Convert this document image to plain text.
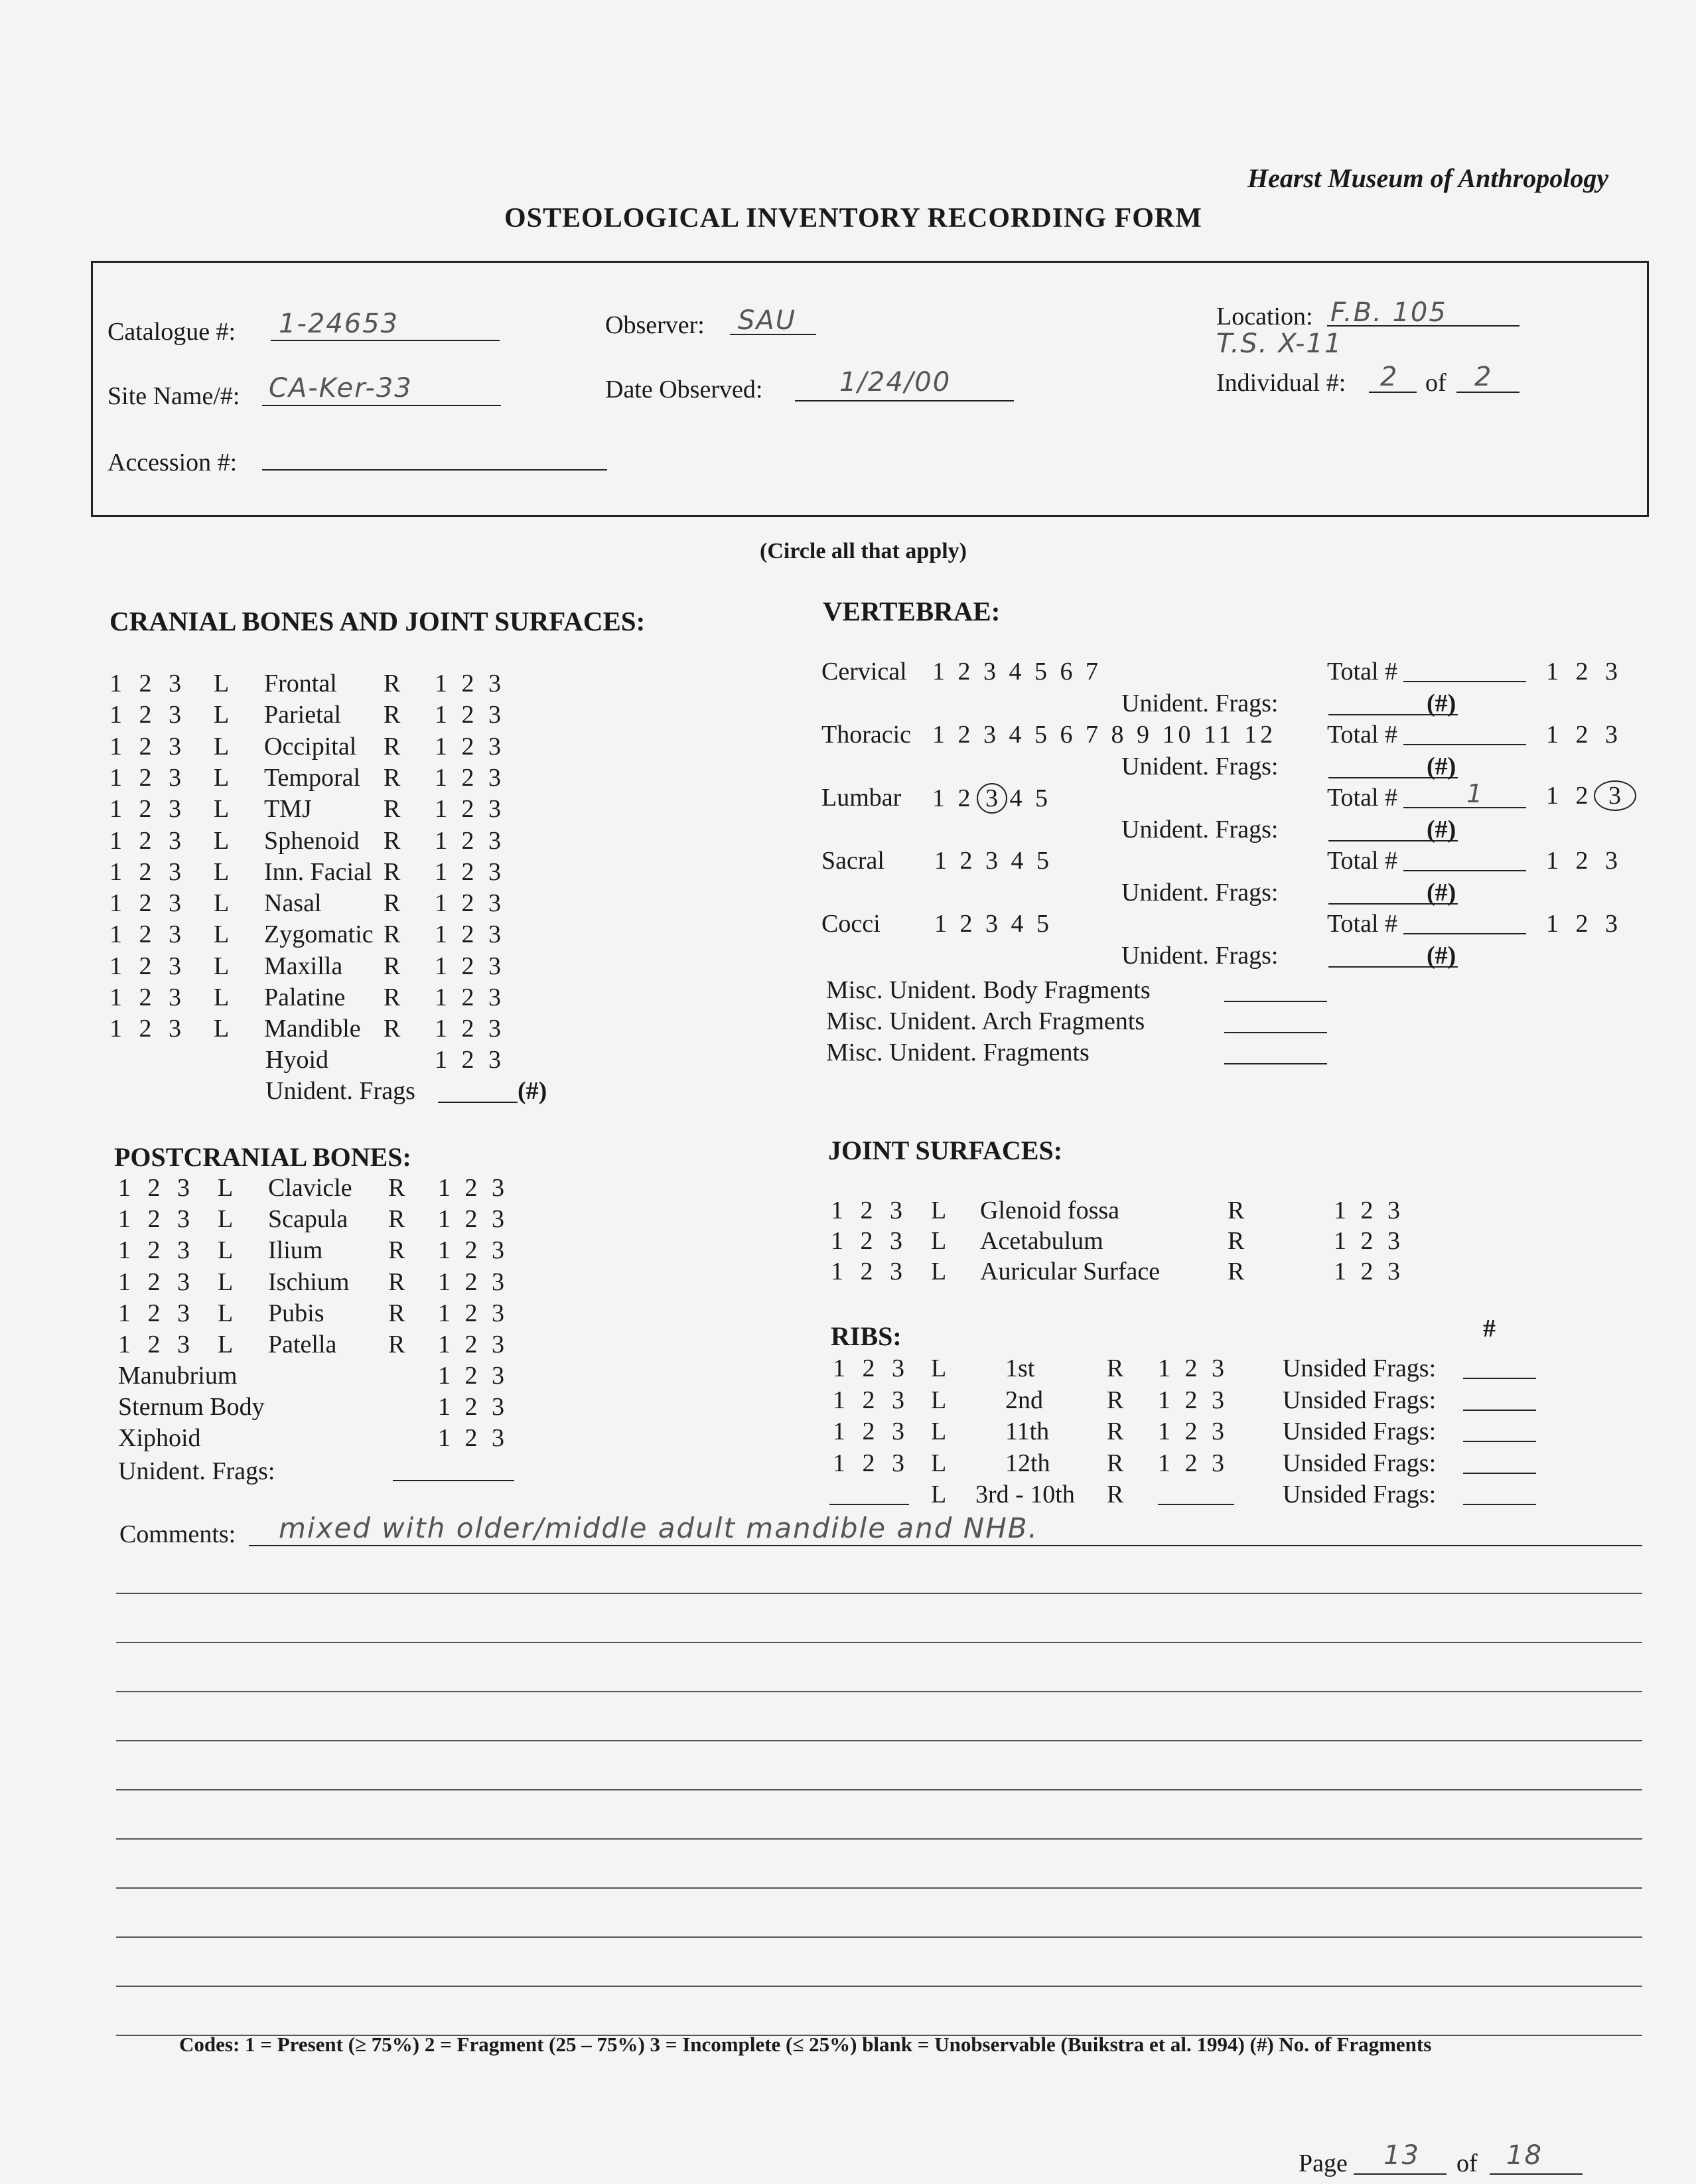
Hearst Museum of Anthropology
OSTEOLOGICAL INVENTORY RECORDING FORM
Catalogue #: 1-24653
Site Name/#: CA-Ker-33
Accession #:
Observer: SAU
Date Observed:	1/24/00
Location: F.B. 105
T.S. X-11
Individual #: 2 of 2
(Circle all that apply)
CRANIAL BONES AND JOINT SURFACES:
1 2 3 L Frontal R 1 2 3
1 2 3 L Parietal R 1 2 3
1 2 3 L Occipital R 1 2 3
1 2 3 L Temporal R 1 2 3
1 2 3 L TMJ	R 1 2 3
1 2 3 L Sphenoid R 1 2 3
1 2 3 L Inn. Facial R 1 2 3
1 2 3 L Nasal R 1 2 3
1 2 3 L Zygomatic R 1 2 3
1 2 3 L Maxilla R 1 2 3
1 2 3 L Palatine R 1 2 3
1 2 3 L Mandible R 1 2 3
Hyoid	1 2 3
Unident. Frags	(#)
VERTEBRAE:
Cervical 1 2 3 4 5 6 7	Total #	1 2 3
Unident. Frags:	(#)
Thoracic 1 2 3 4 5 6 7 8 9 10 11 12 Total #	1 2 3
Unident. Frags:	(#)
Lumbar 1 2 3 4 5	Total #	1 1 2 3
Unident. Frags:	(#)
Sacral 1 2 3 4 5	Total #	1 2 3
Unident. Frags:	(#)
Cocci 1 2 3 4 5	Total #	1 2 3
Unident. Frags:	(#)
Misc. Unident. Body Fragments
Misc. Unident. Arch Fragments
Misc. Unident. Fragments
POSTCRANIAL BONES:
1 2 3 L Clavicle R 1 2 3
1 2 3 L Scapula R 1 2 3
1 2 3 L Ilium	R 1 2 3
1 2 3 L Ischium R 1 2 3
1 2 3 L Pubis	R 1 2 3
1 2 3 L Patella R 1 2 3
Manubrium	1 2 3
Sternum Body	1 2 3
Xiphoid	1 2 3
Unident. Frags:
JOINT SURFACES:
1 2 3 L Glenoid fossa	R	1 2 3
1 2 3 L Acetabulum	R	1 2 3
1 2 3 L Auricular Surface	R	1 2 3
RIBS:	#
1 2 3 L 1st	R 1 2 3 Unsided Frags:
1 2 3 L 2nd	R 1 2 3 Unsided Frags:
1 2 3 L 11th R 1 2 3 Unsided Frags:
1 2 3 L 12th R 1 2 3 Unsided Frags:
L 3rd - 10th R	Unsided Frags:
Comments: mixed with older/middle adult mandible and NHB.
Codes: 1 = Present (≥ 75%) 2 = Fragment (25 – 75%) 3 = Incomplete (≤ 25%) blank = Unobservable (Buikstra et al. 1994) (#) No. of Fragments
Page 13 of 18
